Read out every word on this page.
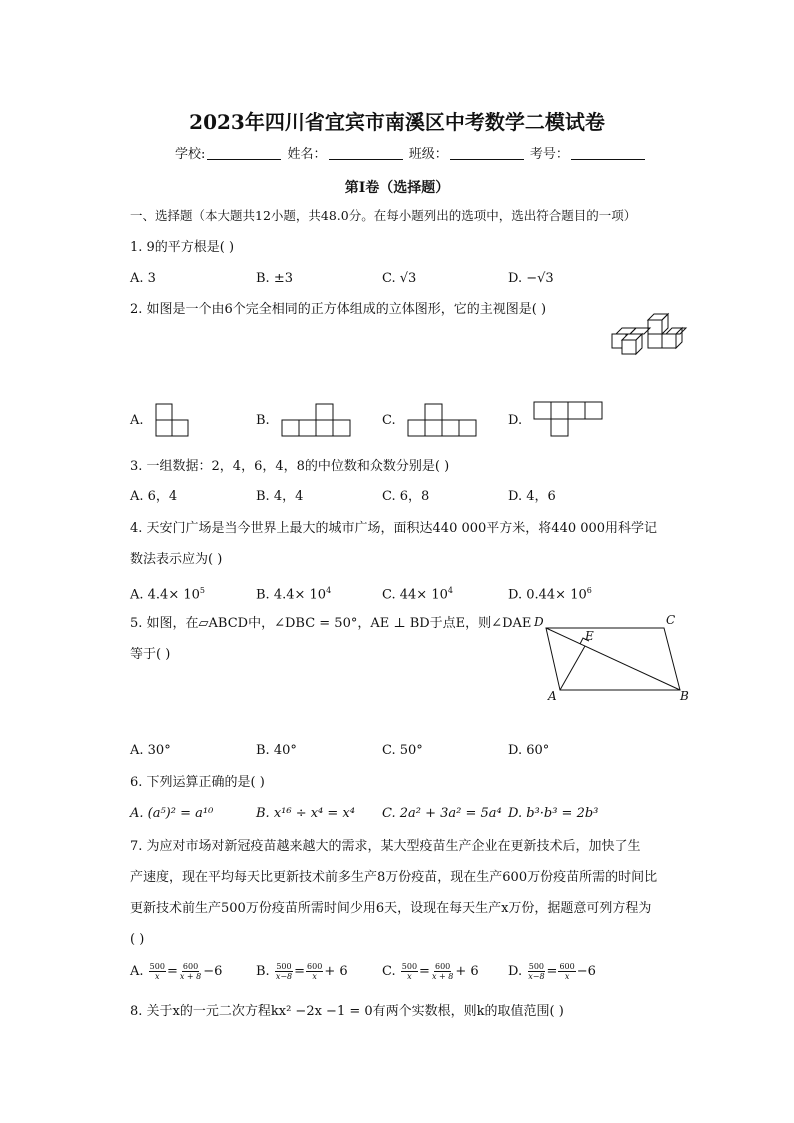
2023年四川省宜宾市南溪区中考数学二模试卷
学校:	姓名：	班级：	考号：
第Ⅰ卷（选择题）
一、选择题（本大题共12小题，共48.0分。在每小题列出的选项中，选出符合题目的一项）
1. 9的平方根是( )
A. 3	B. ±3	C. √3	D. −√3
2. 如图是一个由6个完全相同的正方体组成的立体图形，它的主视图是( )
A.	B.	C.	D.
3. 一组数据：2，4，6，4，8的中位数和众数分别是( )
A. 6，4	B. 4，4	C. 6，8	D. 4，6
4. 天安门广场是当今世界上最大的城市广场，面积达440 000平方米，将440 000用科学记
数法表示应为( )
A. $4.4\times 10^5$	B. $4.4\times 10^4$	C. $44\times 10^4$	D. $0.44\times 10^6$
5. 如图，在▱ABCD中，∠DBC = 50°，AE ⊥ BD于点E，则∠DAE
等于( )
D	C
E
A	B
A. 30°	B. 40°	C. 50°	D. 60°
6. 下列运算正确的是( )
A. (a⁵)² = a¹⁰	B. x¹⁶ ÷ x⁴ = x⁴ C. 2a² + 3a² = 5a⁴ D. b³·b³ = 2b³
7. 为应对市场对新冠疫苗越来越大的需求，某大型疫苗生产企业在更新技术后，加快了生
产速度，现在平均每天比更新技术前多生产8万份疫苗，现在生产600万份疫苗所需的时间比
更新技术前生产500万份疫苗所需时间少用6天，设现在每天生产x万份，据题意可列方程为
( )
A. $\frac{500}{x} = \frac{600}{x + 8} -6$	B. $\frac{500}{x-8} = \frac{600}{x} + 6$	C. $\frac{500}{x} = \frac{600}{x + 8} + 6$ D. $\frac{500}{x-8} = \frac{600}{x} -6$
8. 关于x的一元二次方程kx² −2x −1 = 0有两个实数根，则k的取值范围( )
